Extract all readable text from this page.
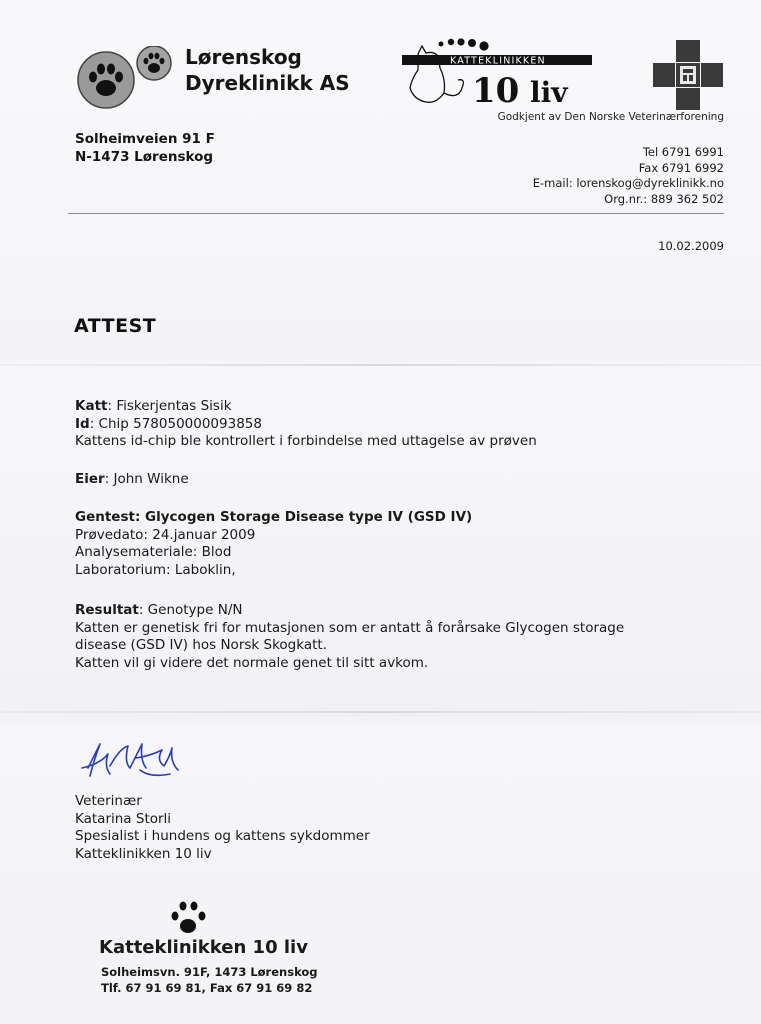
Lørenskog
Dyreklinikk AS
KATTEKLINIKKEN
10 liv
Godkjent av Den Norske Veterinærforening
Solheimveien 91 F
N-1473 Lørenskog	Tel 6791 6991
Fax 6791 6992
E-mail: lorenskog@dyreklinikk.no
Org.nr.: 889 362 502
10.02.2009
ATTEST
Katt: Fiskerjentas Sisik
Id: Chip 578050000093858
Kattens id-chip ble kontrollert i forbindelse med uttagelse av prøven
Eier: John Wikne
Gentest: Glycogen Storage Disease type IV (GSD IV)
Prøvedato: 24.januar 2009
Analysemateriale: Blod
Laboratorium: Laboklin,
Resultat: Genotype N/N
Katten er genetisk fri for mutasjonen som er antatt å forårsake Glycogen storage
disease (GSD IV) hos Norsk Skogkatt.
Katten vil gi videre det normale genet til sitt avkom.
Veterinær
Katarina Storli
Spesialist i hundens og kattens sykdommer
Katteklinikken 10 liv
Katteklinikken 10 liv
Solheimsvn. 91F, 1473 Lørenskog
Tlf. 67 91 69 81, Fax 67 91 69 82
